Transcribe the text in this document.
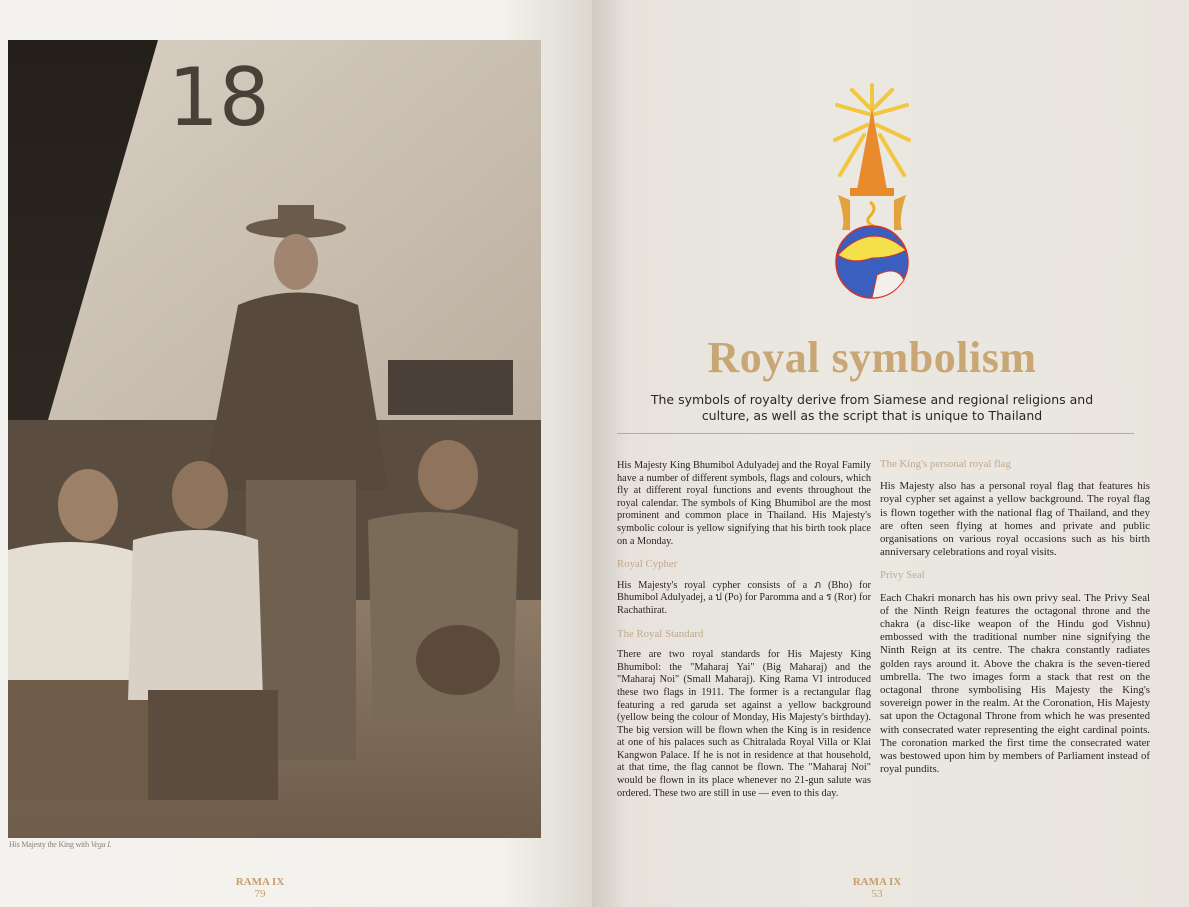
18
His Majesty the King with Vega I.
RAMA IX
79
Royal symbolism
The symbols of royalty derive from Siamese and regional religions and culture, as well as the script that is unique to Thailand

His Majesty King Bhumibol Adulyadej and the Royal Family have a number of different symbols, flags and colours, which fly at different royal functions and events throughout the royal calendar. The symbols of King Bhumibol are the most prominent and common place in Thailand. His Majesty's symbolic colour is yellow signifying that his birth took place on a Monday.

Royal Cypher

His Majesty's royal cypher consists of a ภ (Bho) for Bhumibol Adulyadej, a ป (Po) for Paromma and a ร (Ror) for Rachathirat.

The Royal Standard

There are two royal standards for His Majesty King Bhumibol: the "Maharaj Yai" (Big Maharaj) and the "Maharaj Noi" (Small Maharaj). King Rama VI introduced these two flags in 1911. The former is a rectangular flag featuring a red garuda set against a yellow background (yellow being the colour of Monday, His Majesty's birthday). The big version will be flown when the King is in residence at one of his palaces such as Chitralada Royal Villa or Klai Kangwon Palace. If he is not in residence at that household, at that time, the flag cannot be flown. The "Maharaj Noi" would be flown in its place whenever no 21-gun salute was ordered. These two are still in use — even to this day.

The King's personal royal flag

His Majesty also has a personal royal flag that features his royal cypher set against a yellow background. The royal flag is flown together with the national flag of Thailand, and they are often seen flying at homes and private and public organisations on various royal occasions such as his birth anniversary celebrations and royal visits.

Privy Seal

Each Chakri monarch has his own privy seal. The Privy Seal of the Ninth Reign features the octagonal throne and the chakra (a disc-like weapon of the Hindu god Vishnu) embossed with the traditional number nine signifying the Ninth Reign at its centre. The chakra constantly radiates golden rays around it. Above the chakra is the seven-tiered umbrella. The two images form a stack that rest on the octagonal throne symbolising His Majesty the King's sovereign power in the realm. At the Coronation, His Majesty sat upon the Octagonal Throne from which he was presented with consecrated water representing the eight cardinal points. The coronation marked the first time the consecrated water was bestowed upon him by members of Parliament instead of royal pundits.

RAMA IX
53
